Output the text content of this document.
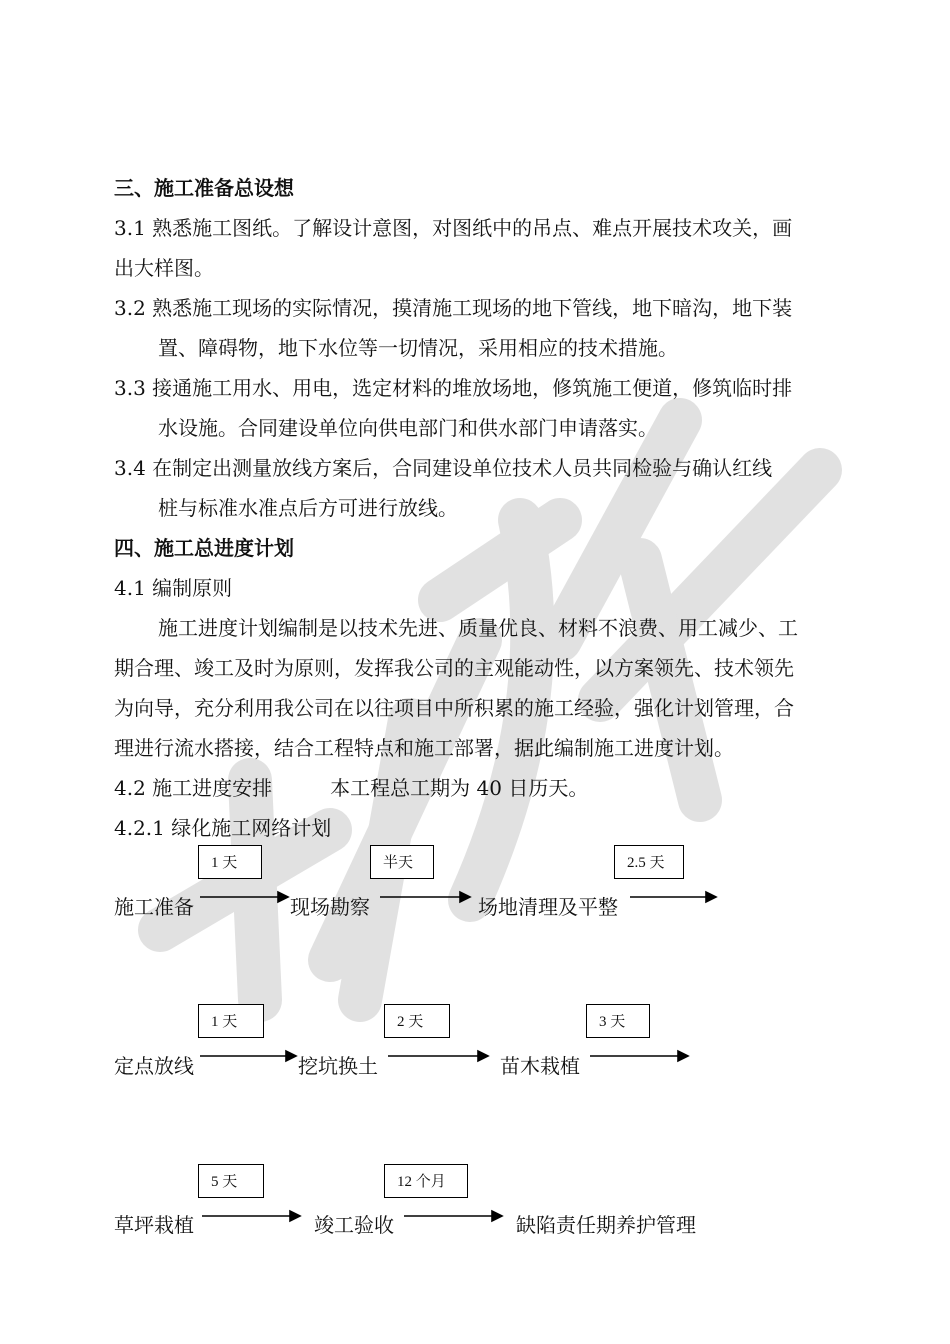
三、施工准备总设想
3.1 熟悉施工图纸。了解设计意图，对图纸中的吊点、难点开展技术攻关，画
出大样图。
3.2 熟悉施工现场的实际情况，摸清施工现场的地下管线，地下暗沟，地下装
置、障碍物，地下水位等一切情况，采用相应的技术措施。
3.3 接通施工用水、用电，选定材料的堆放场地，修筑施工便道，修筑临时排
水设施。合同建设单位向供电部门和供水部门申请落实。
3.4 在制定出测量放线方案后，合同建设单位技术人员共同检验与确认红线
桩与标准水准点后方可进行放线。
四、施工总进度计划
4.1 编制原则
施工进度计划编制是以技术先进、质量优良、材料不浪费、用工减少、工
期合理、竣工及时为原则，发挥我公司的主观能动性，以方案领先、技术领先
为向导，充分利用我公司在以往项目中所积累的施工经验，强化计划管理，合
理进行流水搭接，结合工程特点和施工部署，据此编制施工进度计划。
4.2 施工进度安排	本工程总工期为 40 日历天。
4.2.1 绿化施工网络计划
1 天	半天	2.5 天
施工准备	现场勘察	场地清理及平整
1 天	2 天	3 天
定点放线	挖坑换土	苗木栽植
5 天	12 个月
草坪栽植	竣工验收	缺陷责任期养护管理
